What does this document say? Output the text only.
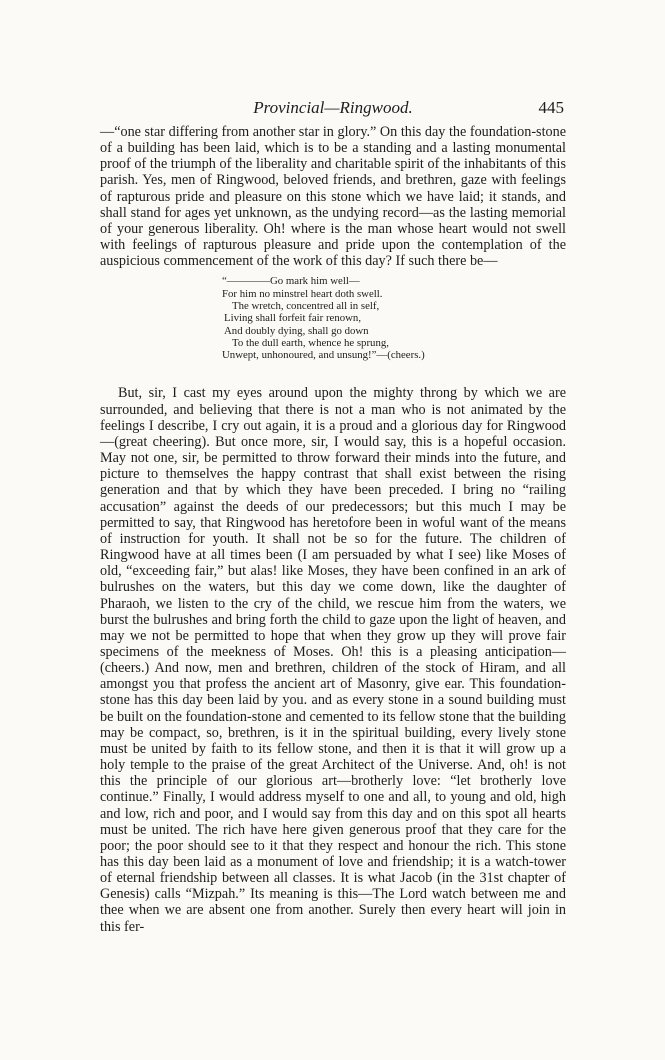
Provincial—Ringwood.	445

—“one star differing from another star in glory.” On this day the foundation-stone of a building has been laid, which is to be a standing and a lasting monumental proof of the triumph of the liberality and charitable spirit of the inhabitants of this parish. Yes, men of Ringwood, beloved friends, and brethren, gaze with feelings of rapturous pride and pleasure on this stone which we have laid; it stands, and shall stand for ages yet unknown, as the undying record—as the lasting memorial of your generous liberality. Oh! where is the man whose heart would not swell with feelings of rapturous pleasure and pride upon the contemplation of the auspicious commencement of the work of this day? If such there be—

“————Go mark him well—
For him no minstrel heart doth swell.
The wretch, concentred all in self,
Living shall forfeit fair renown,
And doubly dying, shall go down
To the dull earth, whence he sprung,
Unwept, unhonoured, and unsung!”—(cheers.)

But, sir, I cast my eyes around upon the mighty throng by which we are surrounded, and believing that there is not a man who is not animated by the feelings I describe, I cry out again, it is a proud and a glorious day for Ringwood—(great cheering). But once more, sir, I would say, this is a hopeful occasion. May not one, sir, be permitted to throw forward their minds into the future, and picture to themselves the happy contrast that shall exist between the rising generation and that by which they have been preceded. I bring no “railing accusation” against the deeds of our predecessors; but this much I may be permitted to say, that Ringwood has heretofore been in woful want of the means of instruction for youth. It shall not be so for the future. The children of Ringwood have at all times been (I am persuaded by what I see) like Moses of old, “exceeding fair,” but alas! like Moses, they have been confined in an ark of bulrushes on the waters, but this day we come down, like the daughter of Pharaoh, we listen to the cry of the child, we rescue him from the waters, we burst the bulrushes and bring forth the child to gaze upon the light of heaven, and may we not be permitted to hope that when they grow up they will prove fair specimens of the meekness of Moses. Oh! this is a pleasing anticipation—(cheers.) And now, men and brethren, children of the stock of Hiram, and all amongst you that profess the ancient art of Masonry, give ear. This foundation-stone has this day been laid by you. and as every stone in a sound building must be built on the foundation-stone and cemented to its fellow stone that the building may be compact, so, brethren, is it in the spiritual building, every lively stone must be united by faith to its fellow stone, and then it is that it will grow up a holy temple to the praise of the great Architect of the Universe. And, oh! is not this the principle of our glorious art—brotherly love: “let brotherly love continue.” Finally, I would address myself to one and all, to young and old, high and low, rich and poor, and I would say from this day and on this spot all hearts must be united. The rich have here given generous proof that they care for the poor; the poor should see to it that they respect and honour the rich. This stone has this day been laid as a monument of love and friendship; it is a watch-tower of eternal friendship between all classes. It is what Jacob (in the 31st chapter of Genesis) calls “Mizpah.” Its meaning is this—The Lord watch between me and thee when we are absent one from another. Surely then every heart will join in this fer-
